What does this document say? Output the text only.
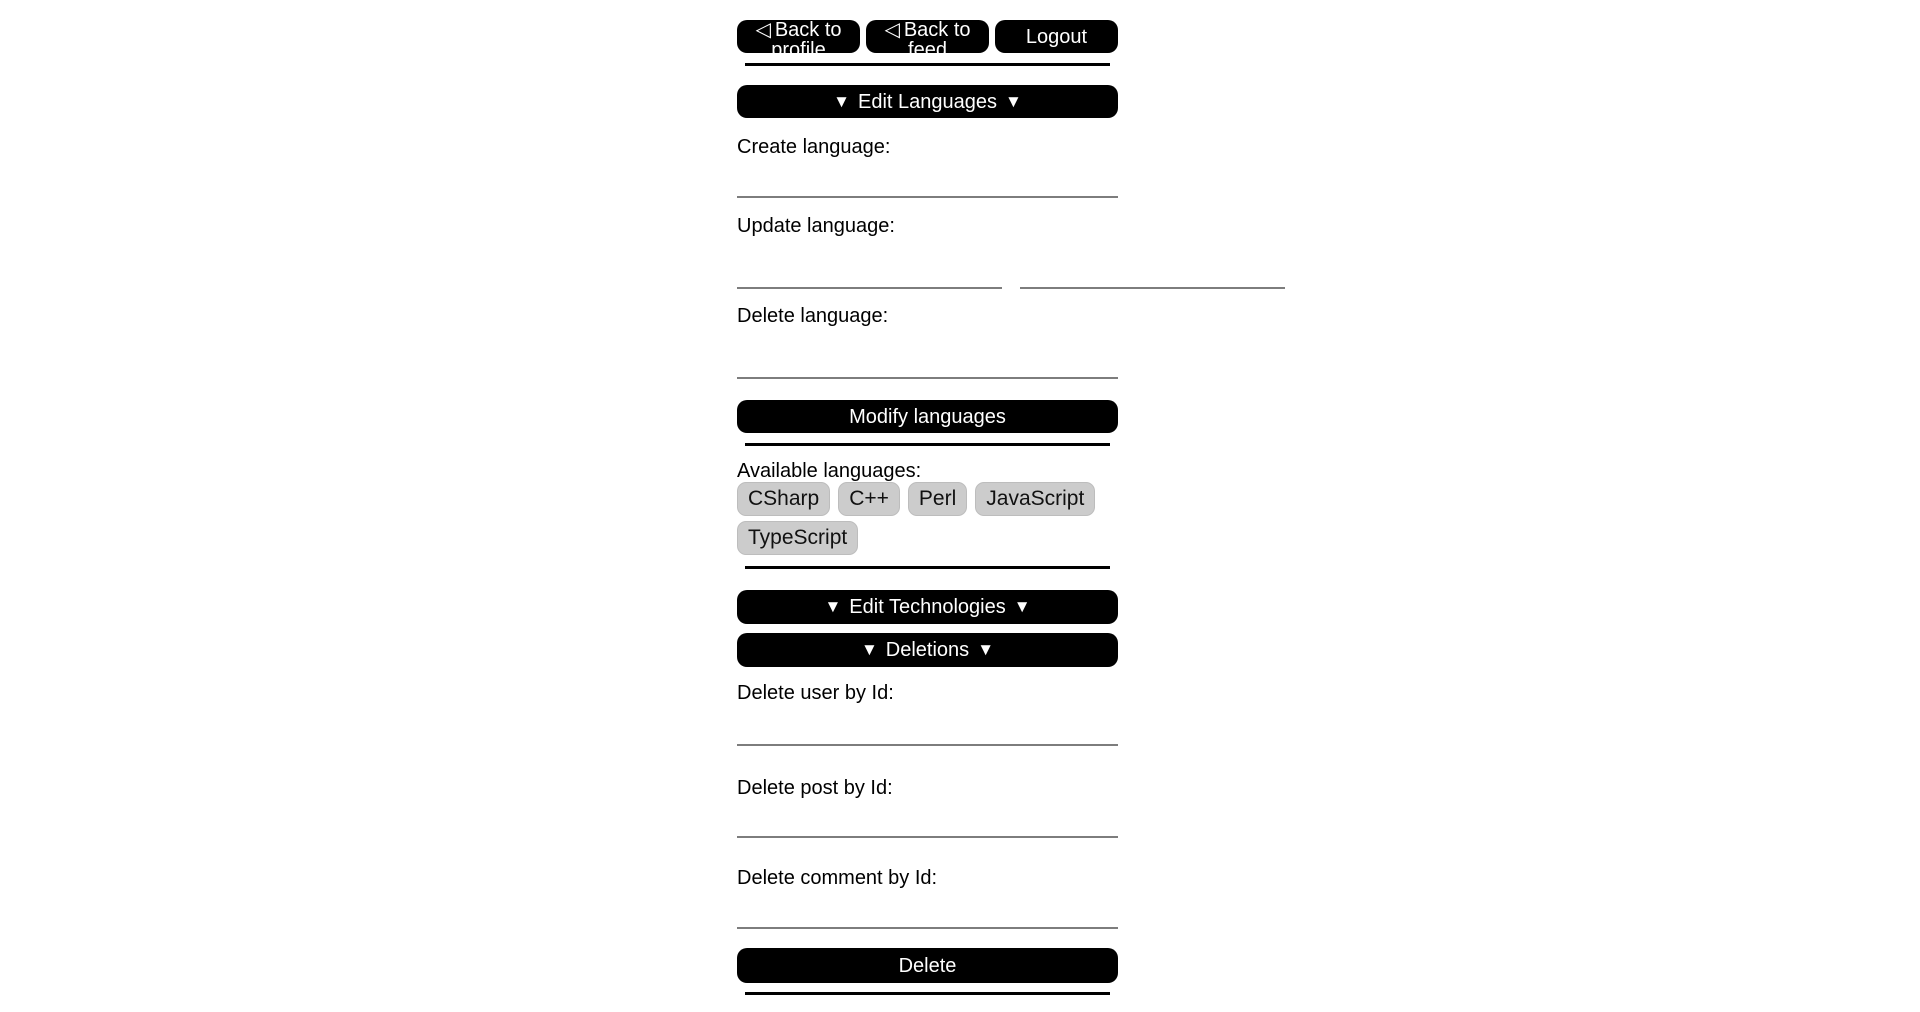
◁ Back to profile
◁ Back to feed
Logout
▼ Edit Languages ▼
Create language:
Update language:
Delete language:
Modify languages
Available languages:
CSharp	C++	Perl	JavaScript
TypeScript
▼ Edit Technologies ▼
▼ Deletions ▼
Delete user by Id:
Delete post by Id:
Delete comment by Id:
Delete
